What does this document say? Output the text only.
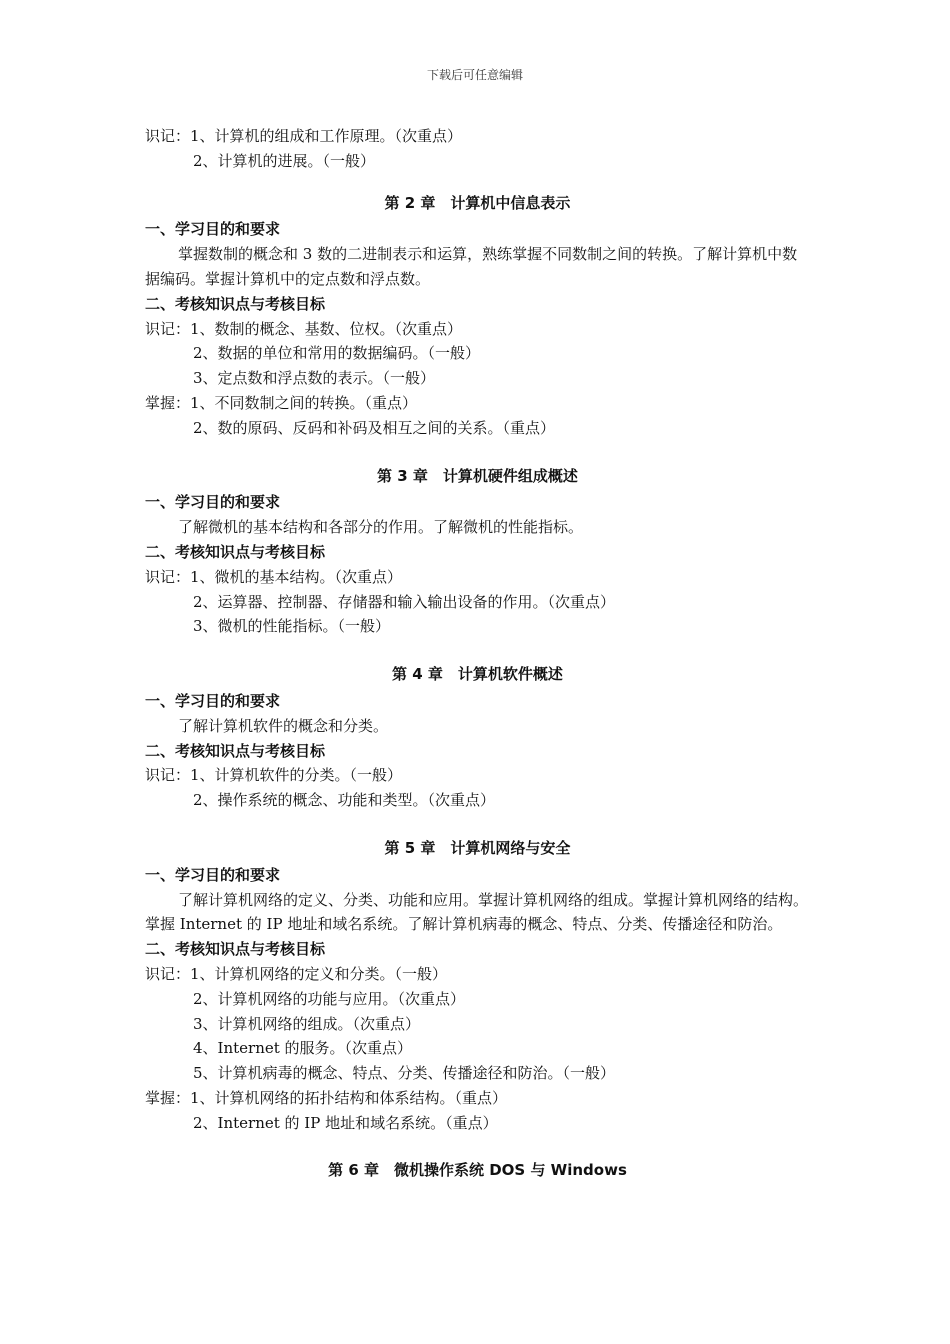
下载后可任意编辑
识记：1、计算机的组成和工作原理。（次重点）
2、计算机的进展。（一般）
第 2 章　计算机中信息表示
一、学习目的和要求
掌握数制的概念和 3 数的二进制表示和运算，熟练掌握不同数制之间的转换。了解计算机中数据编码。掌握计算机中的定点数和浮点数。
二、考核知识点与考核目标
识记：1、数制的概念、基数、位权。（次重点）
2、数据的单位和常用的数据编码。（一般）
3、定点数和浮点数的表示。（一般）
掌握：1、不同数制之间的转换。（重点）
2、数的原码、反码和补码及相互之间的关系。（重点）
第 3 章　计算机硬件组成概述
一、学习目的和要求
了解微机的基本结构和各部分的作用。了解微机的性能指标。
二、考核知识点与考核目标
识记：1、微机的基本结构。（次重点）
2、运算器、控制器、存储器和输入输出设备的作用。（次重点）
3、微机的性能指标。（一般）
第 4 章　计算机软件概述
一、学习目的和要求
了解计算机软件的概念和分类。
二、考核知识点与考核目标
识记：1、计算机软件的分类。（一般）
2、操作系统的概念、功能和类型。（次重点）
第 5 章　计算机网络与安全
一、学习目的和要求
了解计算机网络的定义、分类、功能和应用。掌握计算机网络的组成。掌握计算机网络的结构。掌握 Internet 的 IP 地址和域名系统。了解计算机病毒的概念、特点、分类、传播途径和防治。
二、考核知识点与考核目标
识记：1、计算机网络的定义和分类。（一般）
2、计算机网络的功能与应用。（次重点）
3、计算机网络的组成。（次重点）
4、Internet 的服务。（次重点）
5、计算机病毒的概念、特点、分类、传播途径和防治。（一般）
掌握：1、计算机网络的拓扑结构和体系结构。（重点）
2、Internet 的 IP 地址和域名系统。（重点）
第 6 章　微机操作系统 DOS 与 Windows
